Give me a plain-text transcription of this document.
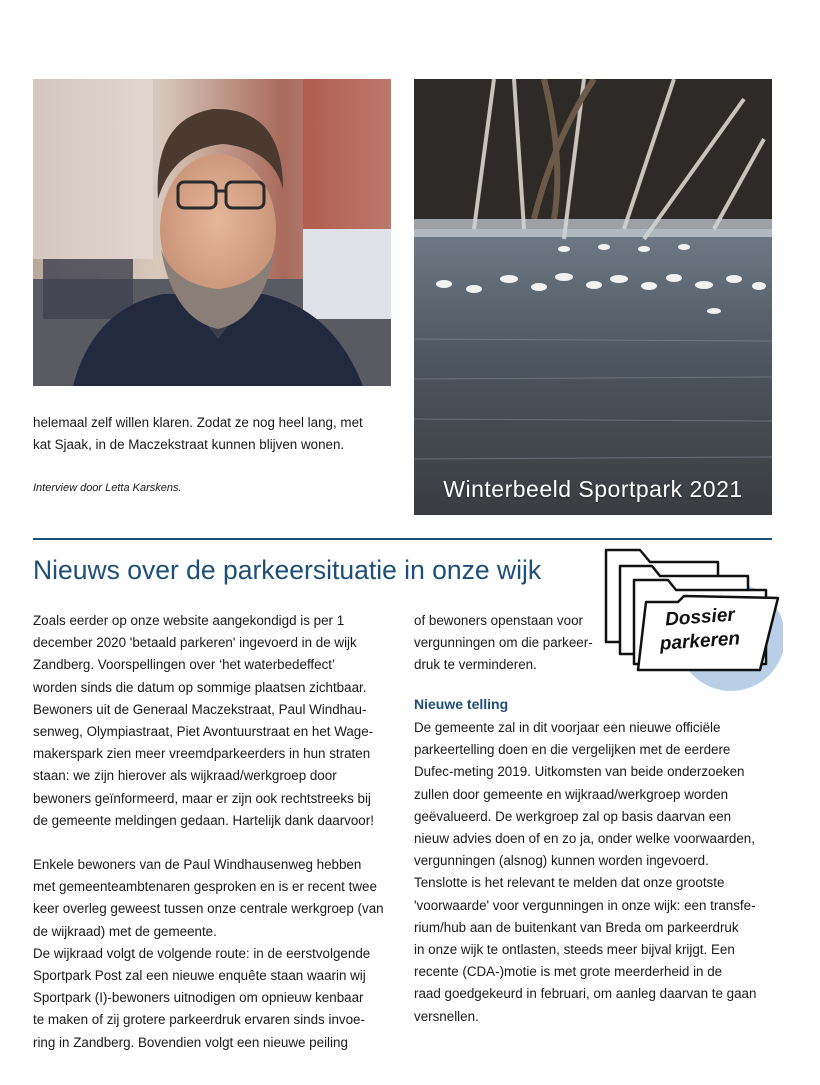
Winterbeeld Sportpark 2021
helemaal zelf willen klaren. Zodat ze nog heel lang, met
kat Sjaak, in de Maczekstraat kunnen blijven wonen.
Interview door Letta Karskens.
Nieuws over de parkeersituatie in onze wijk
Dossier
parkeren

Zoals eerder op onze website aangekondigd is per 1
december 2020 'betaald parkeren' ingevoerd in de wijk
Zandberg. Voorspellingen over ‘het waterbedeffect’
worden sinds die datum op sommige plaatsen zichtbaar.
Bewoners uit de Generaal Maczekstraat, Paul Windhau-
senweg, Olympiastraat, Piet Avontuurstraat en het Wage-
makerspark zien meer vreemdparkeerders in hun straten
staan: we zijn hierover als wijkraad/werkgroep door
bewoners geïnformeerd, maar er zijn ook rechtstreeks bij
de gemeente meldingen gedaan. Hartelijk dank daarvoor!

Enkele bewoners van de Paul Windhausenweg hebben
met gemeenteambtenaren gesproken en is er recent twee
keer overleg geweest tussen onze centrale werkgroep (van
de wijkraad) met de gemeente.
De wijkraad volgt de volgende route: in de eerstvolgende
Sportpark Post zal een nieuwe enquête staan waarin wij
Sportpark (I)-bewoners uitnodigen om opnieuw kenbaar
te maken of zij grotere parkeerdruk ervaren sinds invoe-
ring in Zandberg. Bovendien volgt een nieuwe peiling

of bewoners openstaan voor
vergunningen om die parkeer-
druk te verminderen.
Nieuwe telling
De gemeente zal in dit voorjaar een nieuwe officiële
parkeertelling doen en die vergelijken met de eerdere
Dufec-meting 2019. Uitkomsten van beide onderzoeken
zullen door gemeente en wijkraad/werkgroep worden
geëvalueerd. De werkgroep zal op basis daarvan een
nieuw advies doen of en zo ja, onder welke voorwaarden,
vergunningen (alsnog) kunnen worden ingevoerd.
Tenslotte is het relevant te melden dat onze grootste
'voorwaarde' voor vergunningen in onze wijk: een transfe-
rium/hub aan de buitenkant van Breda om parkeerdruk
in onze wijk te ontlasten, steeds meer bijval krijgt. Een
recente (CDA-)motie is met grote meerderheid in de
raad goedgekeurd in februari, om aanleg daarvan te gaan
versnellen.
